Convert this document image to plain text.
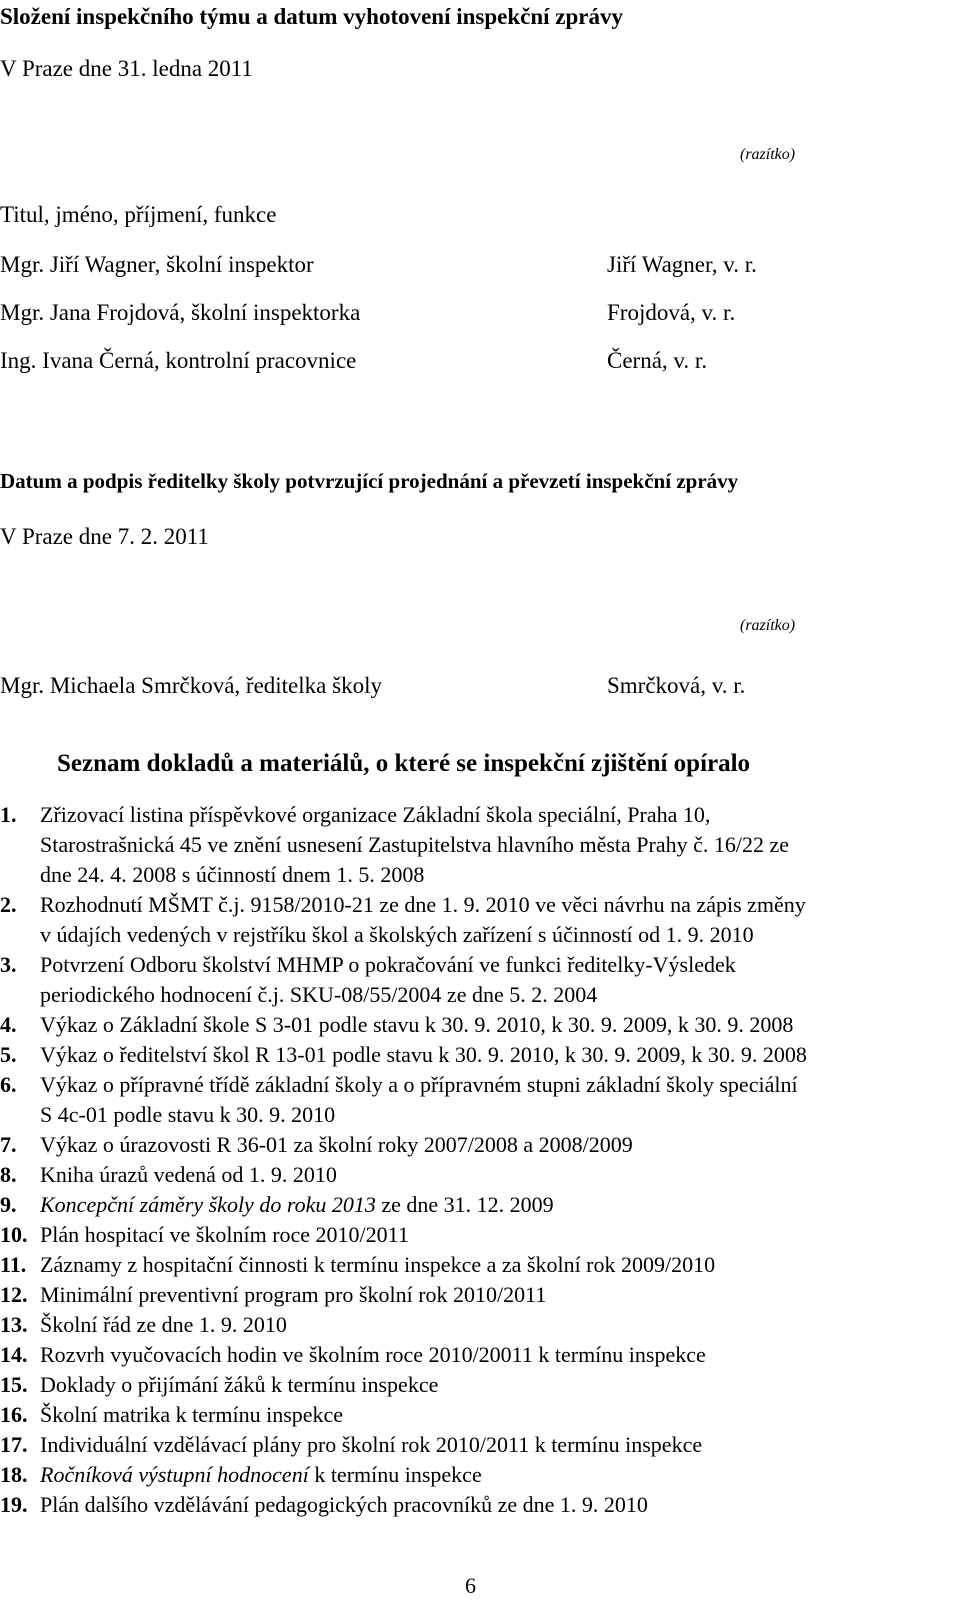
Složení inspekčního týmu a datum vyhotovení inspekční zprávy
V Praze dne 31. ledna 2011
(razítko)
Titul, jméno, příjmení, funkce
Mgr. Jiří Wagner, školní inspektor	Jiří Wagner, v. r.
Mgr. Jana Frojdová, školní inspektorka	Frojdová, v. r.
Ing. Ivana Černá, kontrolní pracovnice	Černá, v. r.
Datum a podpis ředitelky školy potvrzující projednání a převzetí inspekční zprávy
V Praze dne 7. 2. 2011
(razítko)
Mgr. Michaela Smrčková, ředitelka školy	Smrčková, v. r.
Seznam dokladů a materiálů, o které se inspekční zjištění opíralo
1. Zřizovací listina příspěvkové organizace Základní škola speciální, Praha 10,
Starostrašnická 45 ve znění usnesení Zastupitelstva hlavního města Prahy č. 16/22 ze
dne 24. 4. 2008 s účinností dnem 1. 5. 2008
2. Rozhodnutí MŠMT č.j. 9158/2010-21 ze dne 1. 9. 2010 ve věci návrhu na zápis změny
v údajích vedených v rejstříku škol a školských zařízení s účinností od 1. 9. 2010
3. Potvrzení Odboru školství MHMP o pokračování ve funkci ředitelky-Výsledek
periodického hodnocení č.j. SKU-08/55/2004 ze dne 5. 2. 2004
4. Výkaz o Základní škole S 3-01 podle stavu k 30. 9. 2010, k 30. 9. 2009, k 30. 9. 2008
5. Výkaz o ředitelství škol R 13-01 podle stavu k 30. 9. 2010, k 30. 9. 2009, k 30. 9. 2008
6. Výkaz o přípravné třídě základní školy a o přípravném stupni základní školy speciální
S 4c-01 podle stavu k 30. 9. 2010
7. Výkaz o úrazovosti R 36-01 za školní roky 2007/2008 a 2008/2009
8. Kniha úrazů vedená od 1. 9. 2010
9. Koncepční záměry školy do roku 2013 ze dne 31. 12. 2009
10. Plán hospitací ve školním roce 2010/2011
11. Záznamy z hospitační činnosti k termínu inspekce a za školní rok 2009/2010
12. Minimální preventivní program pro školní rok 2010/2011
13. Školní řád ze dne 1. 9. 2010
14. Rozvrh vyučovacích hodin ve školním roce 2010/20011 k termínu inspekce
15. Doklady o přijímání žáků k termínu inspekce
16. Školní matrika k termínu inspekce
17. Individuální vzdělávací plány pro školní rok 2010/2011 k termínu inspekce
18. Ročníková výstupní hodnocení k termínu inspekce
19. Plán dalšího vzdělávání pedagogických pracovníků ze dne 1. 9. 2010
6
